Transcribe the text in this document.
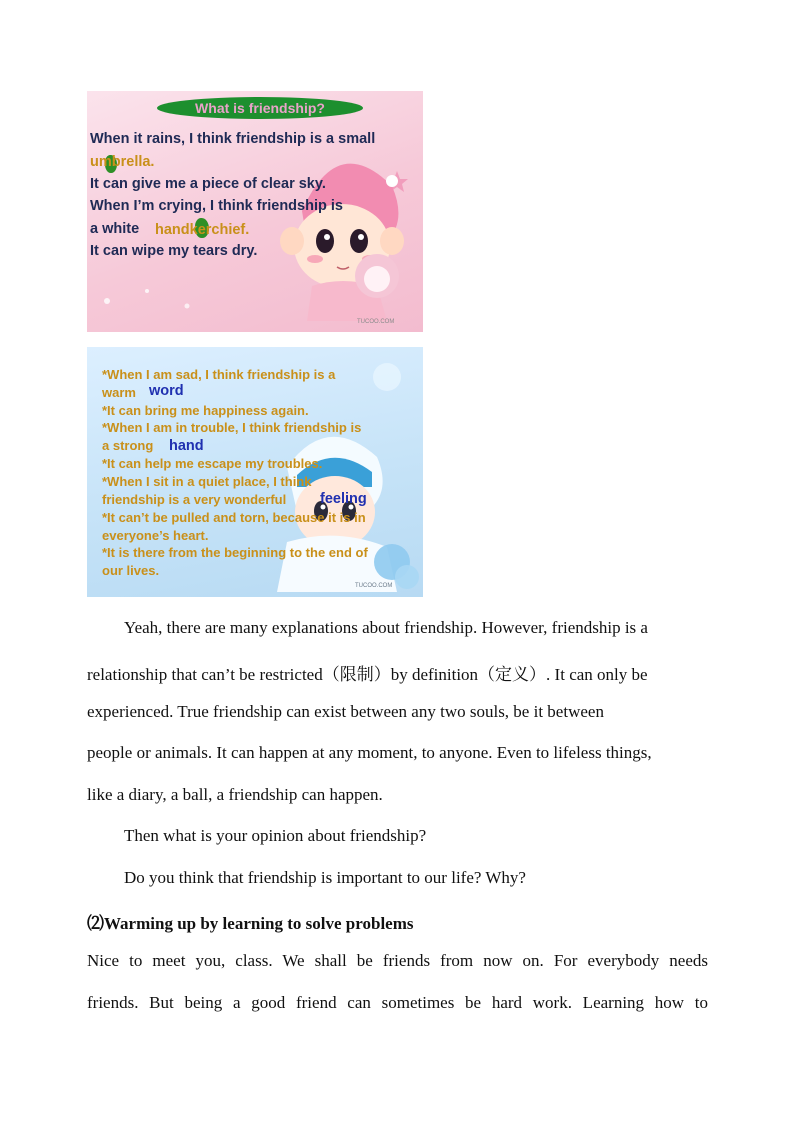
TUCOO.COM
What is friendship?
When it rains, I think friendship is a small
umbrella.
It can give me a piece of clear sky.
When I’m crying, I think friendship is
a white handkerchief.
It can wipe my tears dry.
TUCOO.COM
*When I am sad, I think friendship is a
warm word
*It can bring me happiness again.
*When I am in trouble, I think friendship is
a strong hand
*It can help me escape my troubles.
*When I sit in a quiet place, I think
friendship is a very wonderful feeling
*It can’t be pulled and torn, because it is in
everyone’s heart.
*It is there from the beginning to the end of
our lives.
Yeah, there are many explanations about friendship. However, friendship is a
relationship that can’t be restricted（限制）by definition（定义）. It can only be
experienced. True friendship can exist between any two souls, be it between
people or animals. It can happen at any moment, to anyone. Even to lifeless things,
like a diary, a ball, a friendship can happen.
Then what is your opinion about friendship?
Do you think that friendship is important to our life? Why?
⑵Warming up by learning to solve problems
Nice to meet you, class. We shall be friends from now on. For everybody needs
friends. But being a good friend can sometimes be hard work. Learning how to
